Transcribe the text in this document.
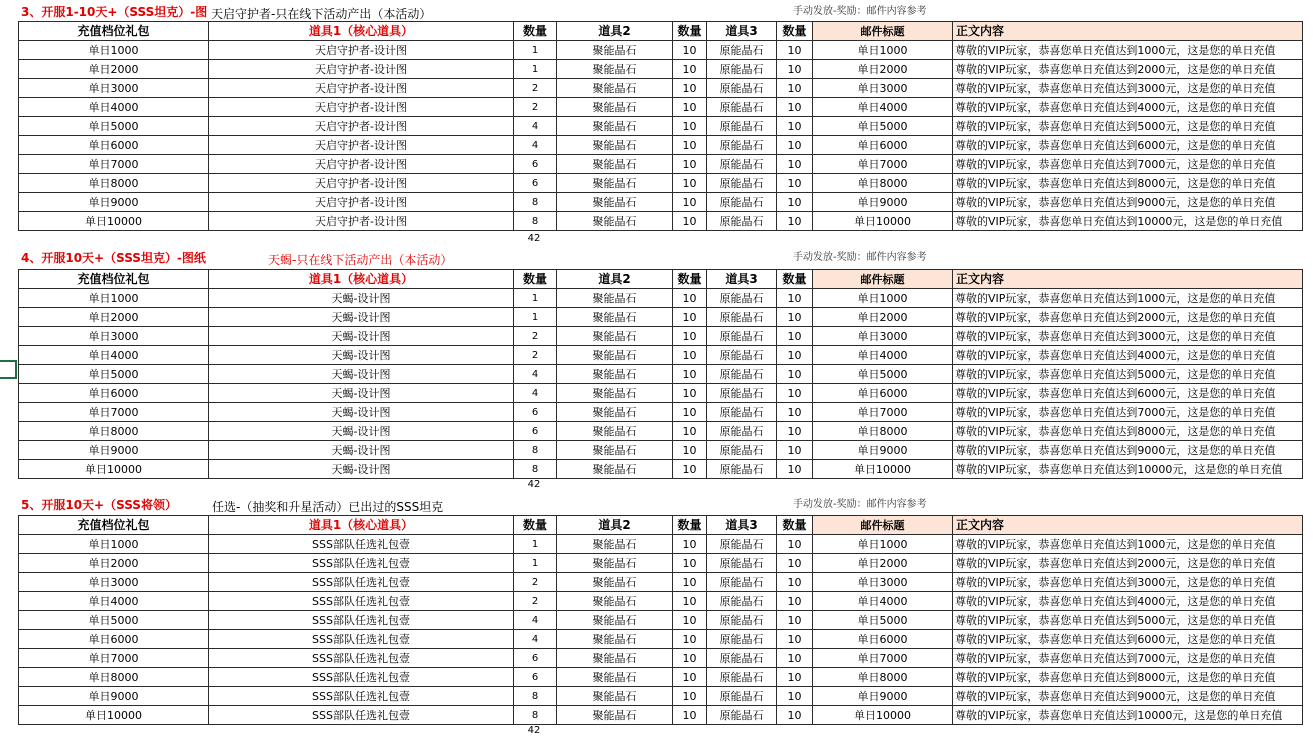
3、开服1-10天+（SSS坦克）-图 天启守护者-只在线下活动产出（本活动）	手动发放-奖励：邮件内容参考
充值档位礼包	道具1（核心道具）	数量	道具2	数量	道具3	数量	邮件标题	正文内容
单日1000	天启守护者-设计图	1	聚能晶石	10	原能晶石	10	单日1000	尊敬的VIP玩家，恭喜您单日充值达到1000元，这是您的单日充值
单日2000	天启守护者-设计图	1	聚能晶石	10	原能晶石	10	单日2000	尊敬的VIP玩家，恭喜您单日充值达到2000元，这是您的单日充值
单日3000	天启守护者-设计图	2	聚能晶石	10	原能晶石	10	单日3000	尊敬的VIP玩家，恭喜您单日充值达到3000元，这是您的单日充值
单日4000	天启守护者-设计图	2	聚能晶石	10	原能晶石	10	单日4000	尊敬的VIP玩家，恭喜您单日充值达到4000元，这是您的单日充值
单日5000	天启守护者-设计图	4	聚能晶石	10	原能晶石	10	单日5000	尊敬的VIP玩家，恭喜您单日充值达到5000元，这是您的单日充值
单日6000	天启守护者-设计图	4	聚能晶石	10	原能晶石	10	单日6000	尊敬的VIP玩家，恭喜您单日充值达到6000元，这是您的单日充值
单日7000	天启守护者-设计图	6	聚能晶石	10	原能晶石	10	单日7000	尊敬的VIP玩家，恭喜您单日充值达到7000元，这是您的单日充值
单日8000	天启守护者-设计图	6	聚能晶石	10	原能晶石	10	单日8000	尊敬的VIP玩家，恭喜您单日充值达到8000元，这是您的单日充值
单日9000	天启守护者-设计图	8	聚能晶石	10	原能晶石	10	单日9000	尊敬的VIP玩家，恭喜您单日充值达到9000元，这是您的单日充值
单日10000	天启守护者-设计图	8	聚能晶石	10	原能晶石	10	单日10000	尊敬的VIP玩家，恭喜您单日充值达到10000元，这是您的单日充值
42
4、开服10天+（SSS坦克）-图纸	天蝎-只在线下活动产出（本活动）	手动发放-奖励：邮件内容参考
充值档位礼包	道具1（核心道具）	数量	道具2	数量	道具3	数量	邮件标题	正文内容
单日1000	天蝎-设计图	1	聚能晶石	10	原能晶石	10	单日1000	尊敬的VIP玩家，恭喜您单日充值达到1000元，这是您的单日充值
单日2000	天蝎-设计图	1	聚能晶石	10	原能晶石	10	单日2000	尊敬的VIP玩家，恭喜您单日充值达到2000元，这是您的单日充值
单日3000	天蝎-设计图	2	聚能晶石	10	原能晶石	10	单日3000	尊敬的VIP玩家，恭喜您单日充值达到3000元，这是您的单日充值
单日4000	天蝎-设计图	2	聚能晶石	10	原能晶石	10	单日4000	尊敬的VIP玩家，恭喜您单日充值达到4000元，这是您的单日充值
单日5000	天蝎-设计图	4	聚能晶石	10	原能晶石	10	单日5000	尊敬的VIP玩家，恭喜您单日充值达到5000元，这是您的单日充值
单日6000	天蝎-设计图	4	聚能晶石	10	原能晶石	10	单日6000	尊敬的VIP玩家，恭喜您单日充值达到6000元，这是您的单日充值
单日7000	天蝎-设计图	6	聚能晶石	10	原能晶石	10	单日7000	尊敬的VIP玩家，恭喜您单日充值达到7000元，这是您的单日充值
单日8000	天蝎-设计图	6	聚能晶石	10	原能晶石	10	单日8000	尊敬的VIP玩家，恭喜您单日充值达到8000元，这是您的单日充值
单日9000	天蝎-设计图	8	聚能晶石	10	原能晶石	10	单日9000	尊敬的VIP玩家，恭喜您单日充值达到9000元，这是您的单日充值
单日10000	天蝎-设计图	8	聚能晶石	10	原能晶石	10	单日10000	尊敬的VIP玩家，恭喜您单日充值达到10000元，这是您的单日充值
42
5、开服10天+（SSS将领）	任选-（抽奖和升星活动）已出过的SSS坦克	手动发放-奖励：邮件内容参考
充值档位礼包	道具1（核心道具）	数量	道具2	数量	道具3	数量	邮件标题	正文内容
单日1000	SSS部队任选礼包壹	1	聚能晶石	10	原能晶石	10	单日1000	尊敬的VIP玩家，恭喜您单日充值达到1000元，这是您的单日充值
单日2000	SSS部队任选礼包壹	1	聚能晶石	10	原能晶石	10	单日2000	尊敬的VIP玩家，恭喜您单日充值达到2000元，这是您的单日充值
单日3000	SSS部队任选礼包壹	2	聚能晶石	10	原能晶石	10	单日3000	尊敬的VIP玩家，恭喜您单日充值达到3000元，这是您的单日充值
单日4000	SSS部队任选礼包壹	2	聚能晶石	10	原能晶石	10	单日4000	尊敬的VIP玩家，恭喜您单日充值达到4000元，这是您的单日充值
单日5000	SSS部队任选礼包壹	4	聚能晶石	10	原能晶石	10	单日5000	尊敬的VIP玩家，恭喜您单日充值达到5000元，这是您的单日充值
单日6000	SSS部队任选礼包壹	4	聚能晶石	10	原能晶石	10	单日6000	尊敬的VIP玩家，恭喜您单日充值达到6000元，这是您的单日充值
单日7000	SSS部队任选礼包壹	6	聚能晶石	10	原能晶石	10	单日7000	尊敬的VIP玩家，恭喜您单日充值达到7000元，这是您的单日充值
单日8000	SSS部队任选礼包壹	6	聚能晶石	10	原能晶石	10	单日8000	尊敬的VIP玩家，恭喜您单日充值达到8000元，这是您的单日充值
单日9000	SSS部队任选礼包壹	8	聚能晶石	10	原能晶石	10	单日9000	尊敬的VIP玩家，恭喜您单日充值达到9000元，这是您的单日充值
单日10000	SSS部队任选礼包壹	8	聚能晶石	10	原能晶石	10	单日10000	尊敬的VIP玩家，恭喜您单日充值达到10000元，这是您的单日充值
42
